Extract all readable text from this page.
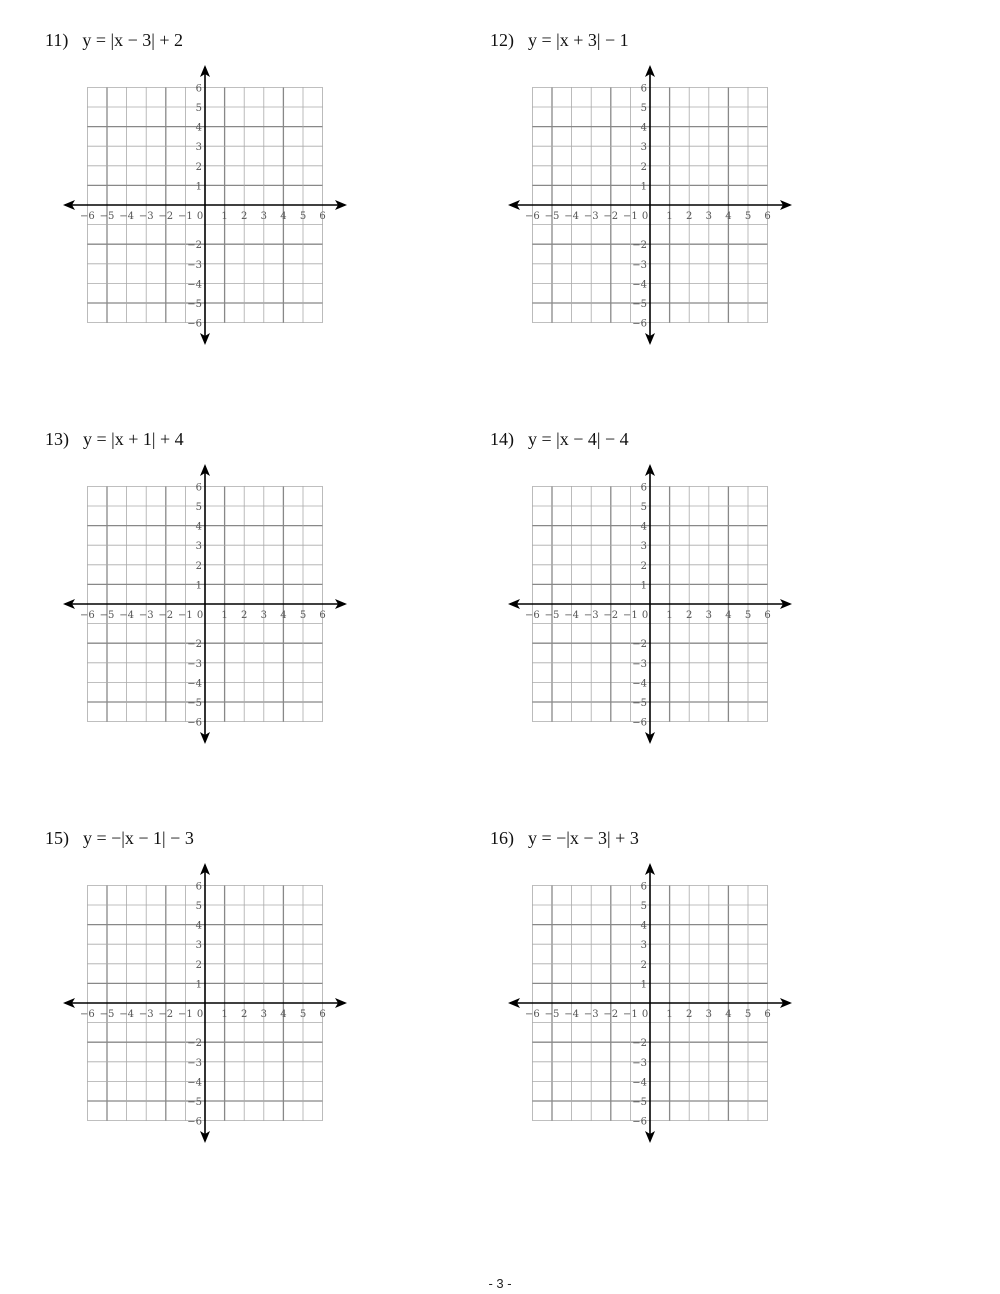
11) y = |x − 3| + 2
−6 −5 −4 −3 −2 −1 0 1 2 3 4 5 6
1
2
3
4
5
6
−2
−3
−4
−5
−6
12) y = |x + 3| − 1
−6 −5 −4 −3 −2 −1 0 1 2 3 4 5 6
1
2
3
4
5
6
−2
−3
−4
−5
−6
13) y = |x + 1| + 4
−6 −5 −4 −3 −2 −1 0 1 2 3 4 5 6
1
2
3
4
5
6
−2
−3
−4
−5
−6
14) y = |x − 4| − 4
−6 −5 −4 −3 −2 −1 0 1 2 3 4 5 6
1
2
3
4
5
6
−2
−3
−4
−5
−6
15) y = −|x − 1| − 3
−6 −5 −4 −3 −2 −1 0 1 2 3 4 5 6
1
2
3
4
5
6
−2
−3
−4
−5
−6
16) y = −|x − 3| + 3
−6 −5 −4 −3 −2 −1 0 1 2 3 4 5 6
1
2
3
4
5
6
−2
−3
−4
−5
−6
- 3 -
